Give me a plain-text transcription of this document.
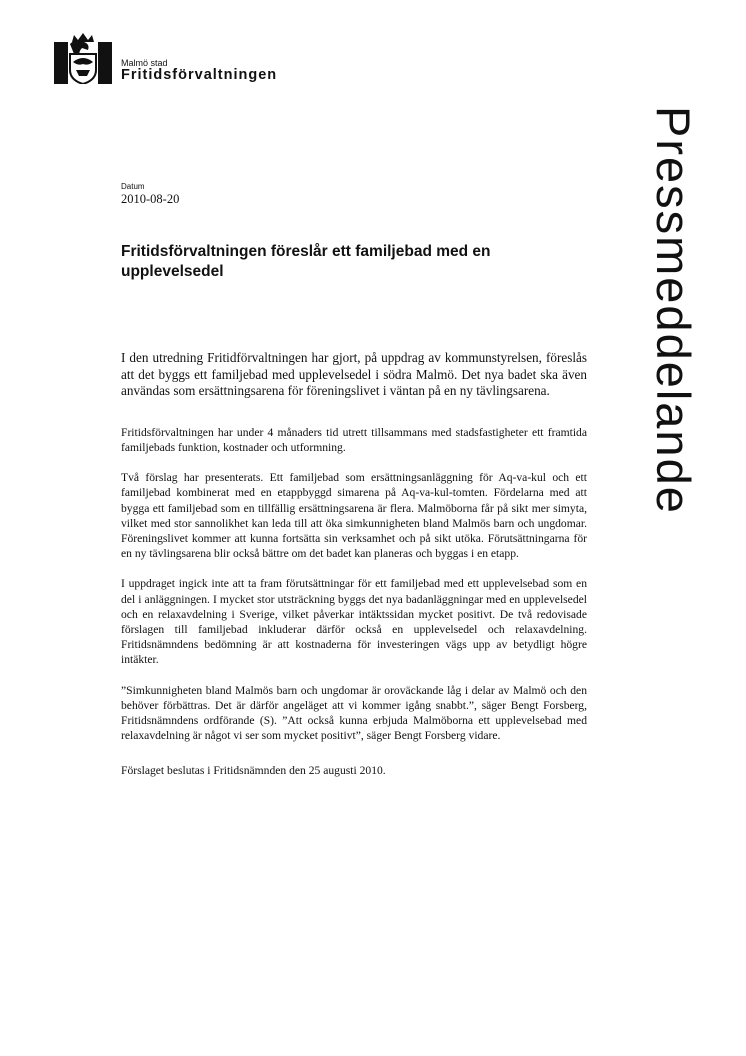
Malmö stad
Fritidsförvaltningen
Pressmeddelande
Datum
2010-08-20
Fritidsförvaltningen föreslår ett familjebad med en upplevelsedel

I den utredning Fritidförvaltningen har gjort, på uppdrag av kommunstyrelsen, föreslås att det byggs ett familjebad med upplevelsedel i södra Malmö. Det nya badet ska även användas som ersättningsarena för föreningslivet i väntan på en ny tävlingsarena.

Fritidsförvaltningen har under 4 månaders tid utrett tillsammans med stadsfastigheter ett framtida familjebads funktion, kostnader och utformning.

Två förslag har presenterats. Ett familjebad som ersättningsanläggning för Aq-va-kul och ett familjebad kombinerat med en etappbyggd simarena på Aq-va-kul-tomten. Fördelarna med att bygga ett familjebad som en tillfällig ersättningsarena är flera. Malmöborna får på sikt mer simyta, vilket med stor sannolikhet kan leda till att öka simkunnigheten bland Malmös barn och ungdomar. Föreningslivet kommer att kunna fortsätta sin verksamhet och på sikt utöka. Förutsättningarna för en ny tävlingsarena blir också bättre om det badet kan planeras och byggas i en etapp.

I uppdraget ingick inte att ta fram förutsättningar för ett familjebad med ett upplevelsebad som en del i anläggningen. I mycket stor utsträckning byggs det nya badanläggningar med en upplevelsedel och en relaxavdelning i Sverige, vilket påverkar intäktssidan mycket positivt. De två redovisade förslagen till familjebad inkluderar därför också en upplevelsedel och relaxavdelning. Fritidsnämndens bedömning är att kostnaderna för investeringen vägs upp av betydligt högre intäkter.

”Simkunnigheten bland Malmös barn och ungdomar är oroväckande låg i delar av Malmö och den behöver förbättras. Det är därför angeläget att vi kommer igång snabbt.”, säger Bengt Forsberg, Fritidsnämndens ordförande (S). ”Att också kunna erbjuda Malmöborna ett upplevelsebad med relaxavdelning är något vi ser som mycket positivt”, säger Bengt Forsberg vidare.

Förslaget beslutas i Fritidsnämnden den 25 augusti 2010.
